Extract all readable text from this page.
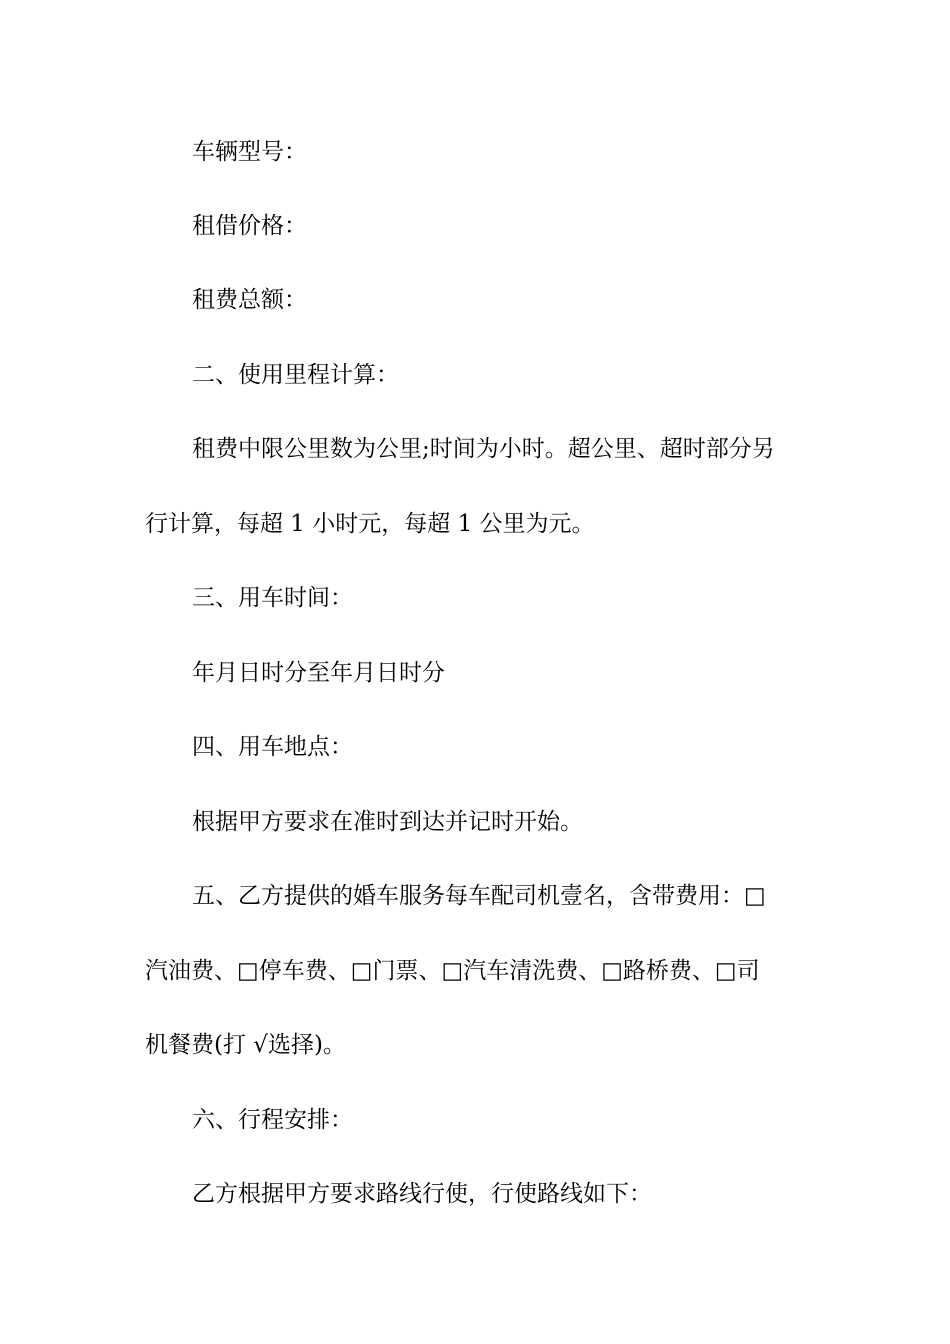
车辆型号：
租借价格：
租费总额：
二、使用里程计算：
租费中限公里数为公里;时间为小时。超公里、超时部分另
行计算，每超 1 小时元，每超 1 公里为元。
三、用车时间：
年月日时分至年月日时分
四、用车地点：
根据甲方要求在准时到达并记时开始。
五、乙方提供的婚车服务每车配司机壹名，含带费用：□
汽油费、□停车费、□门票、□汽车清洗费、□路桥费、□司
机餐费(打 √选择)。
六、行程安排：
乙方根据甲方要求路线行使，行使路线如下：
